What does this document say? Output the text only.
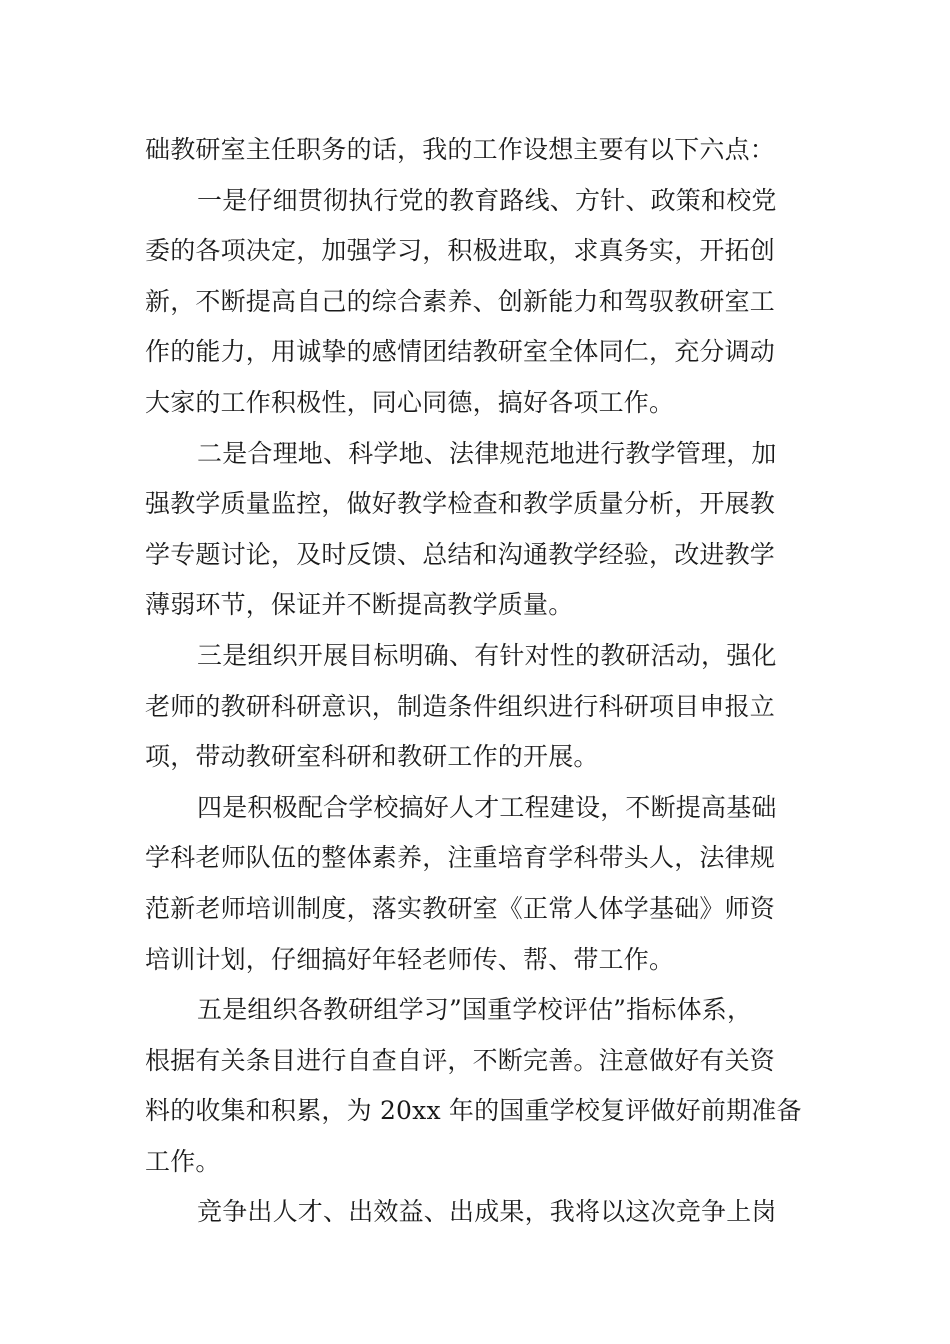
础教研室主任职务的话，我的工作设想主要有以下六点：
一是仔细贯彻执行党的教育路线、方针、政策和校党
委的各项决定，加强学习，积极进取，求真务实，开拓创
新，不断提高自己的综合素养、创新能力和驾驭教研室工
作的能力，用诚挚的感情团结教研室全体同仁，充分调动
大家的工作积极性，同心同德，搞好各项工作。
二是合理地、科学地、法律规范地进行教学管理，加
强教学质量监控，做好教学检查和教学质量分析，开展教
学专题讨论，及时反馈、总结和沟通教学经验，改进教学
薄弱环节，保证并不断提高教学质量。
三是组织开展目标明确、有针对性的教研活动，强化
老师的教研科研意识，制造条件组织进行科研项目申报立
项，带动教研室科研和教研工作的开展。
四是积极配合学校搞好人才工程建设，不断提高基础
学科老师队伍的整体素养，注重培育学科带头人，法律规
范新老师培训制度，落实教研室《正常人体学基础》师资
培训计划，仔细搞好年轻老师传、帮、带工作。
五是组织各教研组学习”国重学校评估”指标体系，
根据有关条目进行自查自评，不断完善。注意做好有关资
料的收集和积累，为 20xx 年的国重学校复评做好前期准备
工作。
竞争出人才、出效益、出成果，我将以这次竞争上岗
